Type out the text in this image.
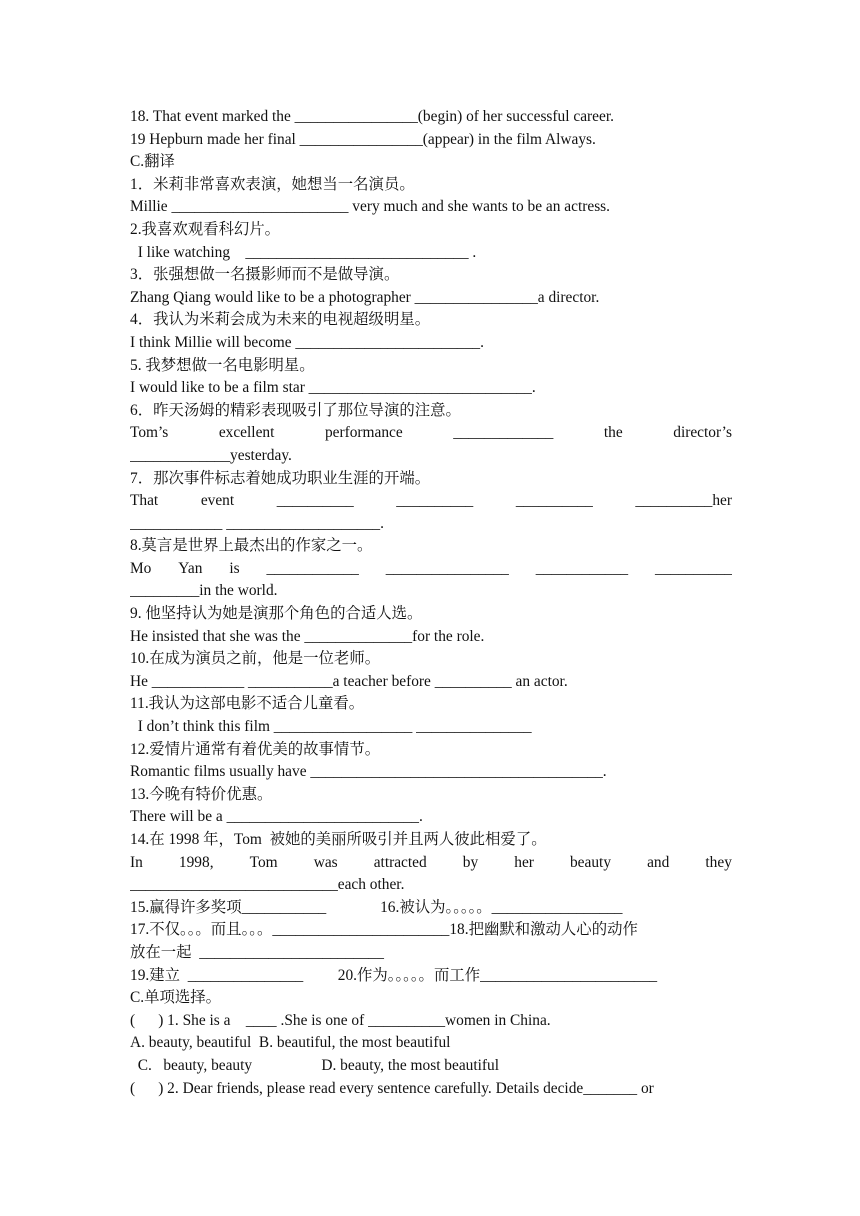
18. That event marked the ________________(begin) of her successful career.
19 Hepburn made her final ________________(appear) in the film Always.
C.翻译
1．米莉非常喜欢表演，她想当一名演员。
Millie _______________________ very much and she wants to be an actress.
2.我喜欢观看科幻片。
I like watching    _____________________________ .
3．张强想做一名摄影师而不是做导演。
Zhang Qiang would like to be a photographer ________________a director.
4．我认为米莉会成为未来的电视超级明星。
I think Millie will become ________________________.
5. 我梦想做一名电影明星。
I would like to be a film star _____________________________.
6．昨天汤姆的精彩表现吸引了那位导演的注意。
Tom’s	excellent	performance	_____________	the	director’s
_____________yesterday.
7．那次事件标志着她成功职业生涯的开端。
That	event	__________	__________	__________	__________her
____________ ____________________.
8.莫言是世界上最杰出的作家之一。
Mo Yan is ____________ ________________ ____________ __________
_________in the world.
9. 他坚持认为她是演那个角色的合适人选。
He insisted that she was the ______________for the role.
10.在成为演员之前，他是一位老师。
He ____________ ___________a teacher before __________ an actor.
11.我认为这部电影不适合儿童看。
I don’t think this film __________________ _______________
12.爱情片通常有着优美的故事情节。
Romantic films usually have ______________________________________.
13.今晚有特价优惠。
There will be a _________________________.
14.在 1998 年，Tom  被她的美丽所吸引并且两人彼此相爱了。
In 1998, Tom was attracted by her beauty and they
___________________________each other.
15.赢得许多奖项___________              16.被认为。。。。。_________________
17.不仅。。。而且。。。_______________________18.把幽默和激动人心的动作
放在一起  ________________________
19.建立  _______________         20.作为。。。。。而工作_______________________
C.单项选择。
(      ) 1. She is a    ____ .She is one of __________women in China.
A. beauty, beautiful  B. beautiful, the most beautiful
C.   beauty, beauty                  D. beauty, the most beautiful
(      ) 2. Dear friends, please read every sentence carefully. Details decide_______ or
